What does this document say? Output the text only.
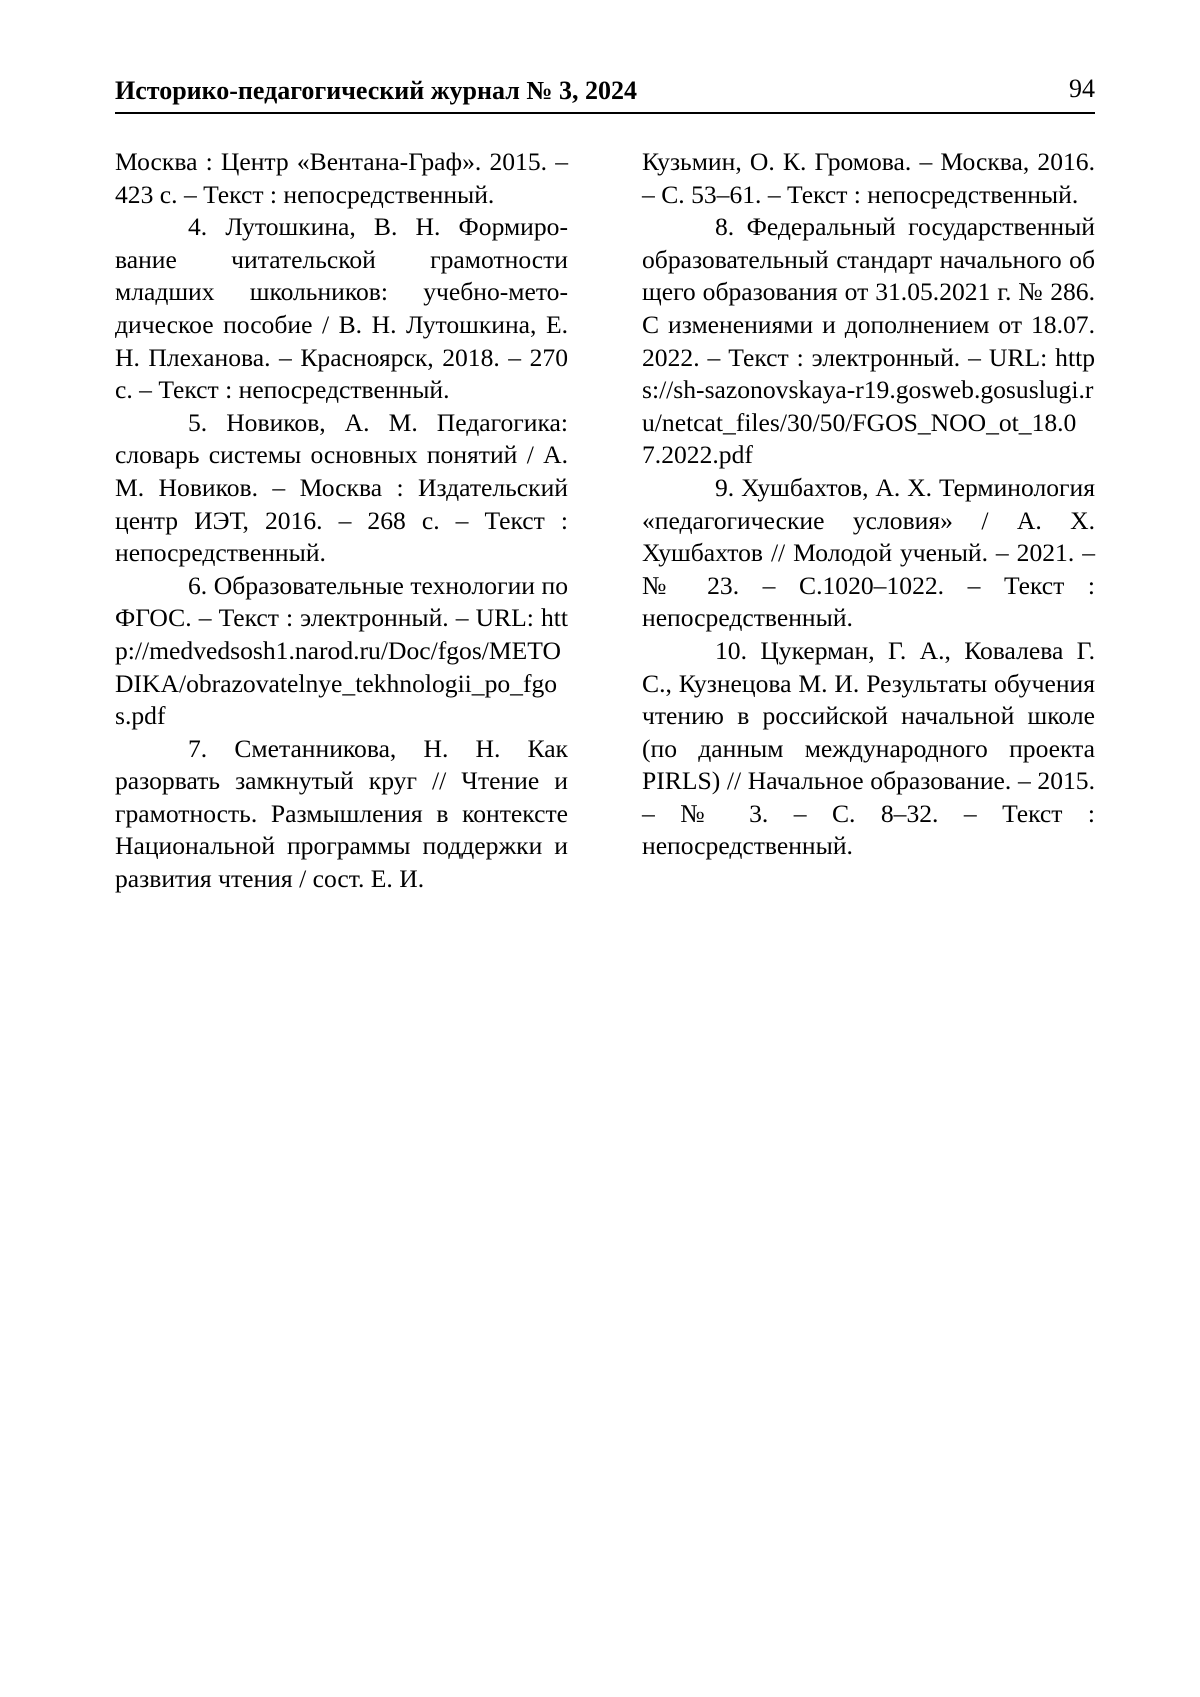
Историко-педагогический журнал № 3, 2024	94

Москва : Центр «Вентана-Граф». 2015. – 423 с. – Текст : непосредственный.

4. Лутошкина, В. Н. Формирование читательской грамотности младших школьников: учебно-методическое пособие / В. Н. Лутошкина, Е. Н. Плеханова. – Красноярск, 2018. – 270 с. – Текст : непосредственный.

5. Новиков, А. М. Педагогика: словарь системы основных понятий / А. М. Новиков. – Москва : Издательский центр ИЭТ, 2016. – 268 с. – Текст : непосредственный.

6. Образовательные технологии по ФГОС. – Текст : электронный. – URL: http://medvedsosh1.narod.ru/Doc/fgos/METODIKA/obrazovatelnye_tekhnologii_po_fgos.pdf

7. Сметанникова, Н. Н. Как разорвать замкнутый круг // Чтение и грамотность. Размышления в контексте Национальной программы поддержки и развития чтения / сост. Е. И.

Кузьмин, О. К. Громова. – Москва, 2016. – С. 53–61. – Текст : непосредственный.

8. Федеральный государственный образовательный стандарт начального общего образования от 31.05.2021 г. № 286. С изменениями и дополнением от 18.07.2022. – Текст : электронный. – URL: https://sh-sazonovskaya-r19.gosweb.gosuslugi.ru/netcat_files/30/50/FGOS_NOO_ot_18.07.2022.pdf

9. Хушбахтов, А. Х. Терминология «педагогические условия» / А. Х. Хушбахтов // Молодой ученый. – 2021. – № 23. – С.1020–1022. – Текст : непосредственный.

10. Цукерман, Г. А., Ковалева Г. С., Кузнецова М. И. Результаты обучения чтению в российской начальной школе (по данным международного проекта PIRLS) // Начальное образование. – 2015. – № 3. – С. 8–32. – Текст : непосредственный.
